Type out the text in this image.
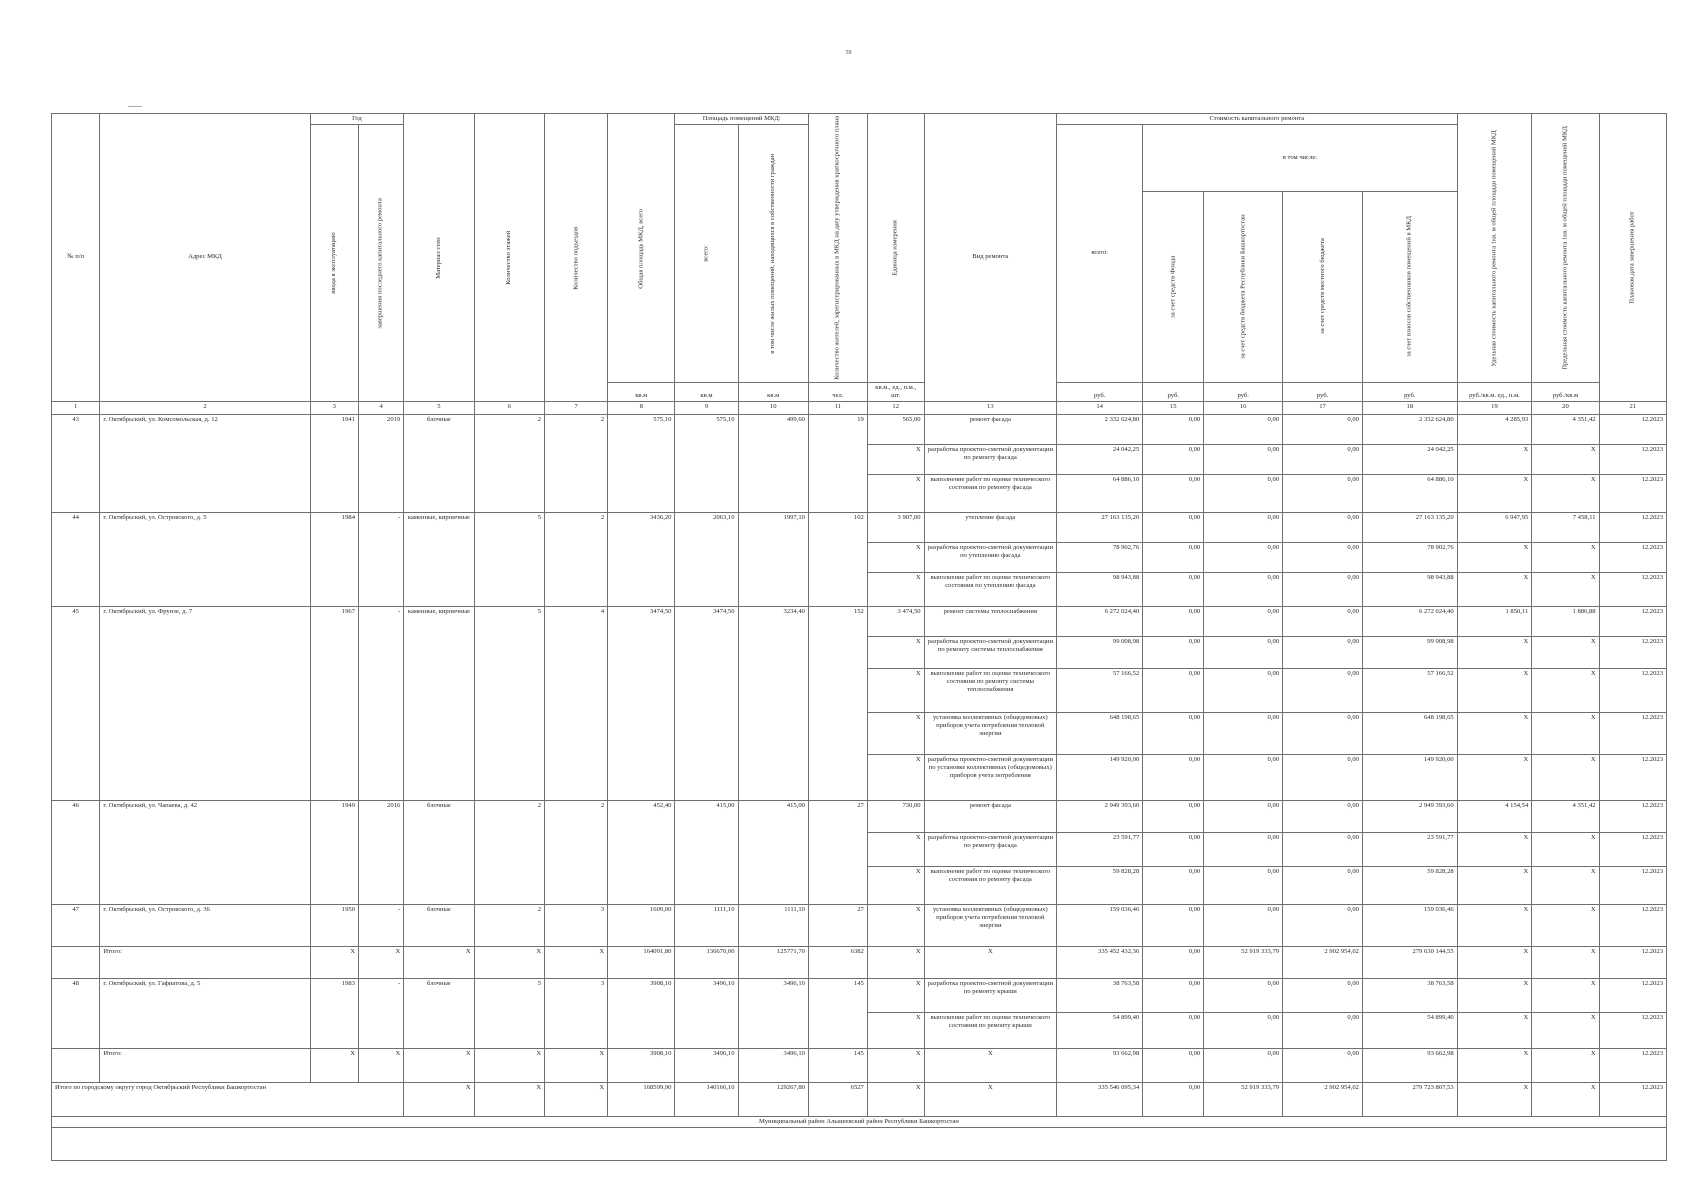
58
№ п/п	Адрес МКД	Год		Материал стен	Количество этажей	Количество подъездов	Общая площадь МКД, всего	Площадь помещений МКД:		Количество жителей, зарегистрированных в МКД на дату утверждения краткосрочного плана	Единица измерения	Вид ремонта	Стоимость капитального ремонта					Удельная стоимость капитального ремонта 1кв. м общей площади помещений МКД	Предельная стоимость капитального ремонта 1кв. м общей площади помещений МКД	Плановая дата завершения работ
		ввода в эксплуатацию	завершения последнего капитального ремонта					всего:	в том числе жилых помещений, находящихся в собственности граждан				всего:	в том числе:						
														за счет средств Фонда	за счет средств бюджета Республики Башкортостан	за счет средств местного бюджета	за счет взносов собственников помещений в МКД			
							кв.м	кв.м	кв.м	чел.	кв.м., ед., п.м., шт.		руб.	руб.	руб.	руб.	руб.	руб./кв.м. ед., п.м.	руб./кв.м	
1	2	3	4	5	6	7	8	9	10	11	12	13	14	15	16	17	18	19	20	21
43	г. Октябрьский, ул. Комсомольская, д. 12	1941	2019	блочные	2	2	575,10	575,10	499,60	19	565,00	ремонт фасада	2 332 624,80	0,00	0,00	0,00	2 332 624,80	4 285,93	4 351,42	12.2023
											X	разработка проектно-сметной документации по ремонту фасада	24 042,25	0,00	0,00	0,00	24 042,25	X	X	12.2023
											X	выполнение работ по оценке технического состояния по ремонту фасада	64 886,10	0,00	0,00	0,00	64 886,10	X	X	12.2023
44	г. Октябрьский, ул. Островского, д. 5	1984	-	каменные, кирпичные	5	2	3436,20	2063,10	1997,10	102	3 907,00	утепление фасада	27 163 135,20	0,00	0,00	0,00	27 163 135,20	6 947,95	7 458,11	12.2023
											X	разработка проектно-сметной документации по утеплению фасада	78 902,76	0,00	0,00	0,00	78 902,76	X	X	12.2023
											X	выполнение работ по оценке технического состояния по утеплению фасада	98 943,88	0,00	0,00	0,00	98 943,88	X	X	12.2023
45	г. Октябрьский, ул. Фрунзе, д. 7	1967	-	каменные, кирпичные	5	4	3474,50	3474,50	3234,40	152	3 474,50	ремонт системы теплоснабжения	6 272 024,40	0,00	0,00	0,00	6 272 024,40	1 850,11	1 886,88	12.2023
											X	разработка проектно-сметной документации по ремонту системы теплоснабжения	99 008,98	0,00	0,00	0,00	99 008,98	X	X	12.2023
											X	выполнение работ по оценке технического состояния по ремонту системы теплоснабжения	57 166,52	0,00	0,00	0,00	57 166,52	X	X	12.2023
											X	установка коллективных (общедомовых) приборов учета потребления тепловой энергии	648 198,65	0,00	0,00	0,00	648 198,65	X	X	12.2023
											X	разработка проектно-сметной документации по установке коллективных (общедомовых) приборов учета потребления	149 920,00	0,00	0,00	0,00	149 920,00	X	X	12.2023
46	г. Октябрьский, ул. Чапаева, д. 42	1949	2016	блочные	2	2	452,40	415,00	415,00	27	730,00	ремонт фасада	2 949 393,60	0,00	0,00	0,00	2 949 393,60	4 154,54	4 351,42	12.2023
											X	разработка проектно-сметной документации по ремонту фасада	23 591,77	0,00	0,00	0,00	23 591,77	X	X	12.2023
											X	выполнение работ по оценке технического состояния по ремонту фасада	59 828,28	0,00	0,00	0,00	59 828,28	X	X	12.2023
47	г. Октябрьский, ул. Островского, д. 36	1950	-	блочные	2	3	1609,00	1111,10	1111,10	27	X	установка коллективных (общедомовых) приборов учета потребления тепловой энергии	159 036,46	0,00	0,00	0,00	159 036,46	X	X	12.2023
	Итого:	X	X	X	X	X	164091,80	136670,00	125771,70	6382	X	X	335 452 432,36	0,00	52 919 333,79	2 902 954,02	279 630 144,55	X	X	12.2023
48	г. Октябрьский, ул. Гафиатова, д. 5	1983	-	блочные	5	3	3908,10	3496,10	3496,10	145	X	разработка проектно-сметной документации по ремонту крыши	38 763,58	0,00	0,00	0,00	38 763,58	X	X	12.2023
											X	выполнение работ по оценке технического состояния по ремонту крыши	54 899,40	0,00	0,00	0,00	54 899,40	X	X	12.2023
	Итого:	X	X	X	X	X	3908,10	3496,10	3496,10	145	X	X	93 662,98	0,00	0,00	0,00	93 662,98	X	X	12.2023
Итого по городскому округу город Октябрьский Республики Башкортостан				X	X	X	168599,90	140166,10	129267,80	6527	X	X	335 546 095,34	0,00	52 919 333,79	2 902 954,02	279 723 807,53	X	X	12.2023
Муниципальный район Альшеевский район Республики Башкортостан																				
